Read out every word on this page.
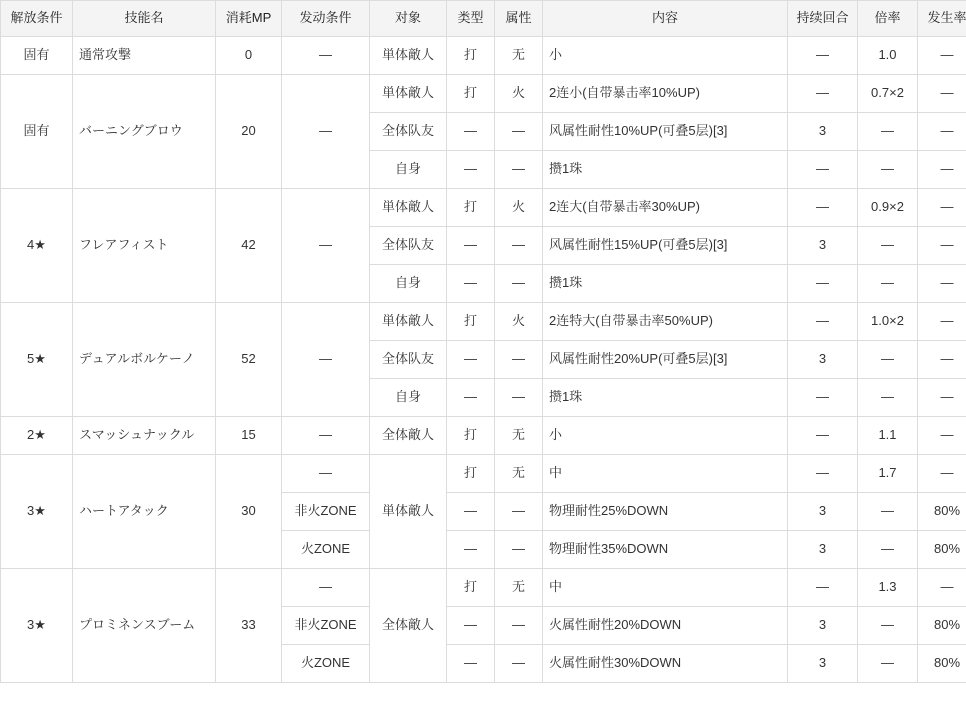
解放条件	技能名	消耗MP	发动条件	对象	类型	属性	内容	持续回合	倍率	发生率
固有	通常攻撃	0	—	単体敵人	打	无	小	—	1.0	—
固有	バーニングブロウ	20	—	単体敵人	打	火	2连小(自带暴击率10%UP)	—	0.7×2	—
				全体队友	—	—	风属性耐性10%UP(可叠5层)[3]	3	—	—
				自身	—	—	攒1珠	—	—	—
4★	フレアフィスト	42	—	単体敵人	打	火	2连大(自带暴击率30%UP)	—	0.9×2	—
				全体队友	—	—	风属性耐性15%UP(可叠5层)[3]	3	—	—
				自身	—	—	攒1珠	—	—	—
5★	デュアルボルケーノ	52	—	単体敵人	打	火	2连特大(自带暴击率50%UP)	—	1.0×2	—
				全体队友	—	—	风属性耐性20%UP(可叠5层)[3]	3	—	—
				自身	—	—	攒1珠	—	—	—
2★	スマッシュナックル	15	—	全体敵人	打	无	小	—	1.1	—
3★	ハートアタック	30	—	単体敵人	打	无	中	—	1.7	—
			非火ZONE		—	—	物理耐性25%DOWN	3	—	80%
			火ZONE		—	—	物理耐性35%DOWN	3	—	80%
3★	プロミネンスブーム	33	—	全体敵人	打	无	中	—	1.3	—
			非火ZONE		—	—	火属性耐性20%DOWN	3	—	80%
			火ZONE		—	—	火属性耐性30%DOWN	3	—	80%
